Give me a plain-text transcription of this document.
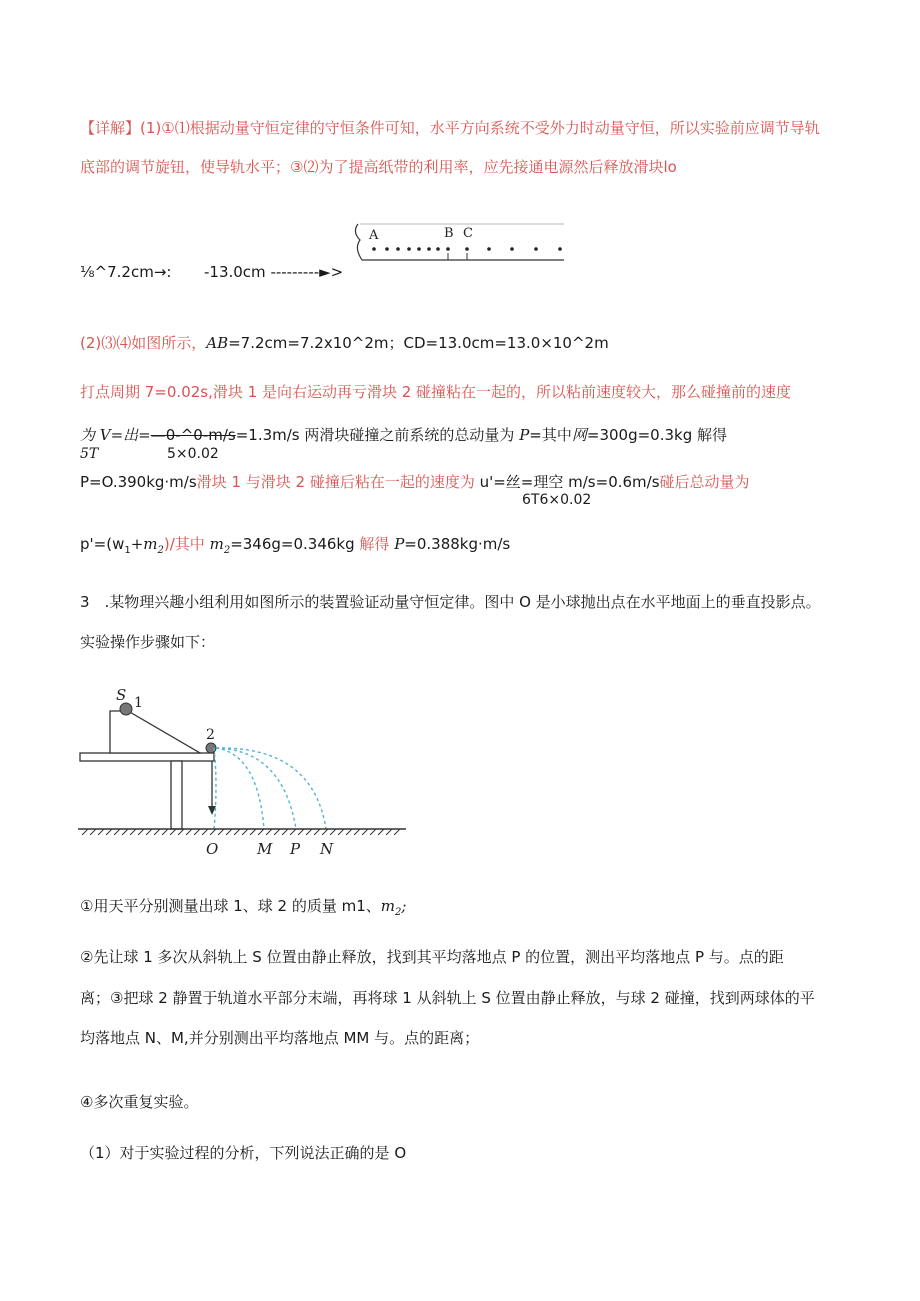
【详解】(1)①⑴根据动量守恒定律的守恒条件可知，水平方向系统不受外力时动量守恒，所以实验前应调节导轨
底部的调节旋钮，使导轨水平；③⑵为了提高纸带的利用率，应先接通电源然后释放滑块lo
A	B C
⅛^7.2cm→: -13.0cm ---------►>
(2)⑶⑷如图所示，AB=7.2cm=7.2x10^2m；CD=13.0cm=13.0×10^2m
打点周期 7=0.02s,滑块 1 是向右运动再亏滑块 2 碰撞粘在一起的，所以粘前速度较大，那么碰撞前的速度
为 V=出=—0-^0-m/s=1.3m/s 两滑块碰撞之前系统的总动量为 P=其中网=300g=0.3kg 解得
5T	5×0.02
P=O.390kg·m/s滑块 1 与滑块 2 碰撞后粘在一起的速度为 u'=丝=理空 m/s=0.6m/s碰后总动量为
6T6×0.02
$p'=(w_1+m_2)/$其中 $m_2=346g=0.346kg$ 解得 P=0.388kg·m/s
3　.某物理兴趣小组利用如图所示的装置验证动量守恒定律。图中 O 是小球抛出点在水平地面上的垂直投影点。
实验操作步骤如下：
S 1
2
O	M P N
①用天平分别测量出球 1、球 2 的质量 m1、$m_2$;
②先让球 1 多次从斜轨上 S 位置由静止释放，找到其平均落地点 P 的位置，测出平均落地点 P 与。点的距
离；③把球 2 静置于轨道水平部分末端，再将球 1 从斜轨上 S 位置由静止释放，与球 2 碰撞，找到两球体的平
均落地点 N、M,并分别测出平均落地点 MM 与。点的距离；
④多次重复实验。
（1）对于实验过程的分析，下列说法正确的是 O
